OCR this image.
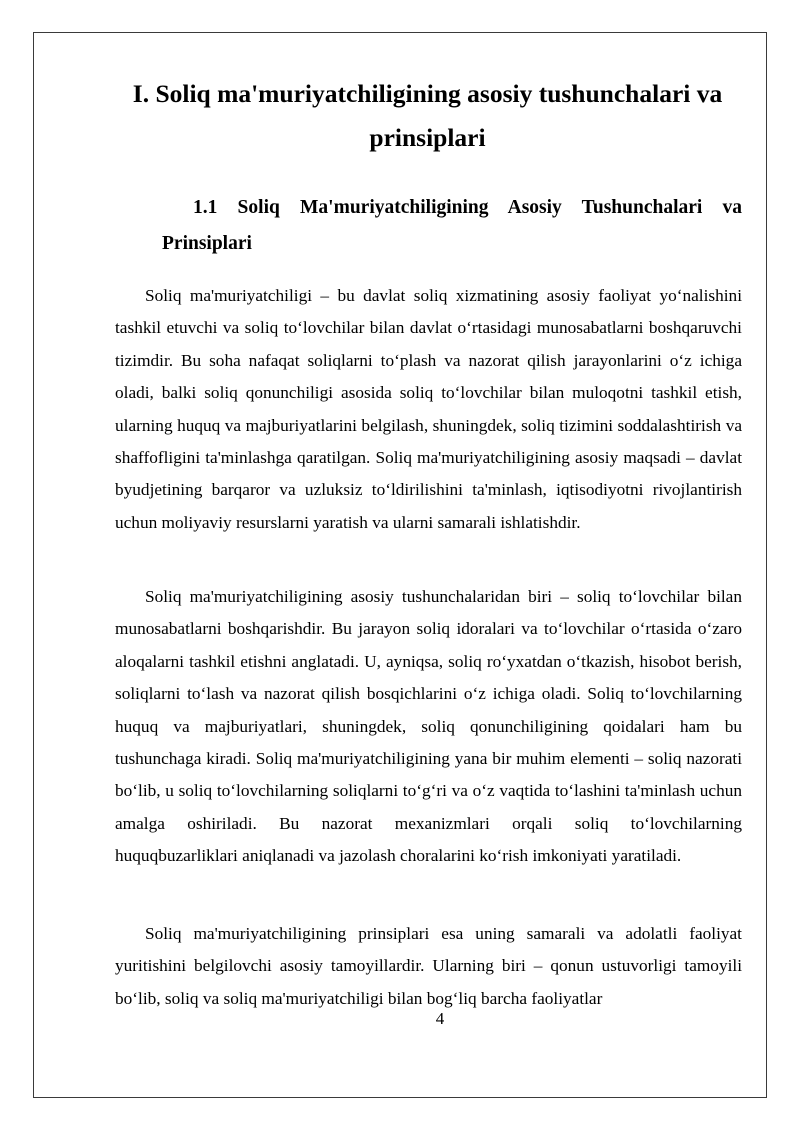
I. Soliq ma'muriyatchiligining asosiy tushunchalari va prinsiplari
1.1 Soliq Ma'muriyatchiligining Asosiy Tushunchalari va Prinsiplari

Soliq ma'muriyatchiligi – bu davlat soliq xizmatining asosiy faoliyat yo‘nalishini tashkil etuvchi va soliq to‘lovchilar bilan davlat o‘rtasidagi munosabatlarni boshqaruvchi tizimdir. Bu soha nafaqat soliqlarni to‘plash va nazorat qilish jarayonlarini o‘z ichiga oladi, balki soliq qonunchiligi asosida soliq to‘lovchilar bilan muloqotni tashkil etish, ularning huquq va majburiyatlarini belgilash, shuningdek, soliq tizimini soddalashtirish va shaffofligini ta'minlashga qaratilgan. Soliq ma'muriyatchiligining asosiy maqsadi – davlat byudjetining barqaror va uzluksiz to‘ldirilishini ta'minlash, iqtisodiyotni rivojlantirish uchun moliyaviy resurslarni yaratish va ularni samarali ishlatishdir.

Soliq ma'muriyatchiligining asosiy tushunchalaridan biri – soliq to‘lovchilar bilan munosabatlarni boshqarishdir. Bu jarayon soliq idoralari va to‘lovchilar o‘rtasida o‘zaro aloqalarni tashkil etishni anglatadi. U, ayniqsa, soliq ro‘yxatdan o‘tkazish, hisobot berish, soliqlarni to‘lash va nazorat qilish bosqichlarini o‘z ichiga oladi. Soliq to‘lovchilarning huquq va majburiyatlari, shuningdek, soliq qonunchiligining qoidalari ham bu tushunchaga kiradi. Soliq ma'muriyatchiligining yana bir muhim elementi – soliq nazorati bo‘lib, u soliq to‘lovchilarning soliqlarni to‘g‘ri va o‘z vaqtida to‘lashini ta'minlash uchun amalga oshiriladi. Bu nazorat mexanizmlari orqali soliq to‘lovchilarning huquqbuzarliklari aniqlanadi va jazolash choralarini ko‘rish imkoniyati yaratiladi.

Soliq ma'muriyatchiligining prinsiplari esa uning samarali va adolatli faoliyat yuritishini belgilovchi asosiy tamoyillardir. Ularning biri – qonun ustuvorligi tamoyili bo‘lib, soliq va soliq ma'muriyatchiligi bilan bog‘liq barcha faoliyatlar

4
